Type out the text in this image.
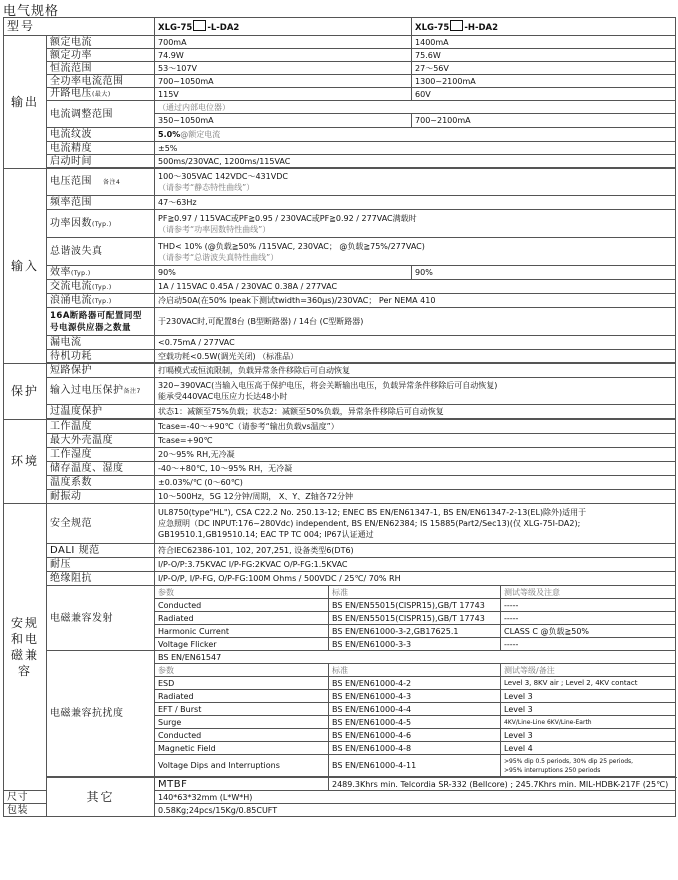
电气规格
型号		XLG-75 -L-DA2	XLG-75 -H-DA2
输出	额定电流	700mA	1400mA
	额定功率	74.9W	75.6W
	恒流范围	53～107V	27～56V
	全功率电流范围	700~1050mA	1300~2100mA
	开路电压(最大)	115V	60V
	电流调整范围	（通过内部电位器）	
		350~1050mA	700~2100mA
	电流纹波	5.0%@额定电流	
	电流精度	±5%	
	启动时间	500ms/230VAC, 1200ms/115VAC	

输入	电压范围 备注4	100～305VAC 142VDC～431VDC
（请参考“静态特性曲线”）	

	频率范围	47～63Hz	
	功率因数(Typ.)	PF≧0.97 / 115VAC或PF≧0.95 / 230VAC或PF≧0.92 / 277VAC满载时
（请参考“功率因数特性曲线”）	

	总谐波失真	THD< 10% (@负载≧50% /115VAC, 230VAC； @负载≧75%/277VAC)
（请参考“总谐波失真特性曲线”）	

	效率(Typ.)	90%	90%
	交流电流(Typ.)	1A / 115VAC 0.45A / 230VAC 0.38A / 277VAC	
	浪涌电流(Typ.)	冷启动50A(在50% Ipeak下测试twidth=360μs)/230VAC； Per NEMA 410	

	16A断路器可配置同型
号电源供应器之数量	于230VAC时,可配置8台 (B型断路器) / 14台 (C型断路器)	
	漏电流	<0.75mA / 277VAC	
	待机功耗	空载功耗<0.5W(调光关闭) （标准品）	

保护	短路保护	打嗝模式或恒流限制，负载异常条件移除后可自动恢复	
	输入过电压保护备注7	320~390VAC(当输入电压高于保护电压，将会关断输出电压，负载异常条件移除后可自动恢复)
能承受440VAC电压应力长达48小时	

	过温度保护	状态1：减额至75%负载；状态2：减额至50%负载，异常条件移除后可自动恢复	

环境	工作温度	Tcase=-40～+90℃（请参考“输出负载vs温度”）	
	最大外壳温度	Tcase=+90℃	
	工作湿度	20～95% RH,无冷凝	
	储存温度、湿度	-40～+80℃, 10～95% RH，无冷凝	
	温度系数	±0.03%/℃ (0～60℃)	
	耐振动	10～500Hz，5G 12分钟/周期， X、Y、Z轴各72分钟	
安规和电磁兼容	安全规范	UL8750(type"HL"), CSA C22.2 No. 250.13-12; ENEC BS EN/EN61347-1, BS EN/EN61347-2-13(EL)除外)适用于
应急照明（DC INPUT:176~280Vdc) independent, BS EN/EN62384; IS 15885(Part2/Sec13)(仅 XLG-75I-DA2);
GB19510.1,GB19510.14; EAC TP TC 004; IP67认证通过		

	DALI 规范	符合IEC62386-101, 102, 207,251, 设备类型6(DT6)		
	耐压	I/P-O/P:3.75KVAC I/P-FG:2KVAC O/P-FG:1.5KVAC		
	绝缘阻抗	I/P-O/P, I/P-FG, O/P-FG:100M Ohms / 500VDC / 25℃/ 70% RH		
	电磁兼容发射	参数	标准	测试等级及注意
		Conducted	BS EN/EN55015(CISPR15),GB/T 17743	-----
		Radiated	BS EN/EN55015(CISPR15),GB/T 17743	-----
		Harmonic Current	BS EN/EN61000-3-2,GB17625.1	CLASS C @负载≧50%
		Voltage Flicker	BS EN/EN61000-3-3	-----
	电磁兼容抗扰度	BS EN/EN61547		
		参数	标准	测试等级/备注
		ESD	BS EN/EN61000-4-2	Level 3, 8KV air ; Level 2, 4KV contact
		Radiated	BS EN/EN61000-4-3	Level 3
		EFT / Burst	BS EN/EN61000-4-4	Level 3
		Surge	BS EN/EN61000-4-5	4KV/Line-Line 6KV/Line-Earth
		Conducted	BS EN/EN61000-4-6	Level 3
		Magnetic Field	BS EN/EN61000-4-8	Level 4
		Voltage Dips and Interruptions	BS EN/EN61000-4-11	>95% dip 0.5 periods, 30% dip 25 periods,
>95% interruptions 250 periods

	其它	MTBF	2489.3Khrs min. Telcordia SR-332 (Bellcore) ; 245.7Khrs min. MIL-HDBK-217F (25℃)	
尺寸		140*63*32mm (L*W*H)		
包装		0.58Kg;24pcs/15Kg/0.85CUFT		
